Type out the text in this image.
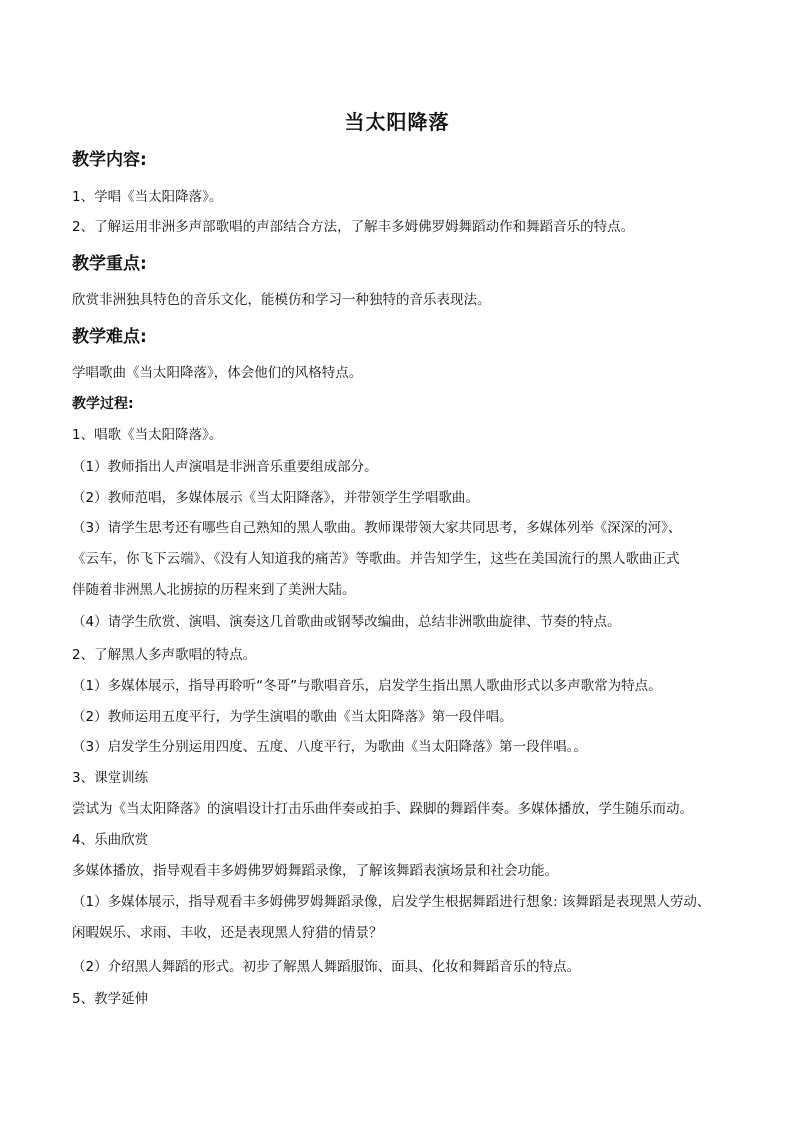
当太阳降落
教学内容:
1、学唱《当太阳降落》。
2、了解运用非洲多声部歌唱的声部结合方法，了解丰多姆佛罗姆舞蹈动作和舞蹈音乐的特点。
教学重点:
欣赏非洲独具特色的音乐文化，能模仿和学习一种独特的音乐表现法。
教学难点:
学唱歌曲《当太阳降落》，体会他们的风格特点。
教学过程:
1、唱歌《当太阳降落》。
（1）教师指出人声演唱是非洲音乐重要组成部分。
（2）教师范唱，多媒体展示《当太阳降落》，并带领学生学唱歌曲。
（3）请学生思考还有哪些自己熟知的黑人歌曲。教师课带领大家共同思考，多媒体列举《深深的河》、
《云车，你飞下云端》、《没有人知道我的痛苦》等歌曲。并告知学生，这些在美国流行的黑人歌曲正式
伴随着非洲黑人北掳掠的历程来到了美洲大陆。
（4）请学生欣赏、演唱、演奏这几首歌曲或钢琴改编曲，总结非洲歌曲旋律、节奏的特点。
2、了解黑人多声歌唱的特点。
（1）多媒体展示，指导再聆听“冬哥”与歌唱音乐，启发学生指出黑人歌曲形式以多声歌常为特点。
（2）教师运用五度平行，为学生演唱的歌曲《当太阳降落》第一段伴唱。
（3）启发学生分别运用四度、五度、八度平行，为歌曲《当太阳降落》第一段伴唱。。
3、课堂训练
尝试为《当太阳降落》的演唱设计打击乐曲伴奏或拍手、跺脚的舞蹈伴奏。多媒体播放，学生随乐而动。
4、乐曲欣赏
多媒体播放，指导观看丰多姆佛罗姆舞蹈录像，了解该舞蹈表演场景和社会功能。
（1）多媒体展示，指导观看丰多姆佛罗姆舞蹈录像，启发学生根据舞蹈进行想象: 该舞蹈是表现黑人劳动、
闲暇娱乐、求雨、丰收，还是表现黑人狩猎的情景？
（2）介绍黑人舞蹈的形式。初步了解黑人舞蹈服饰、面具、化妆和舞蹈音乐的特点。
5、教学延伸
